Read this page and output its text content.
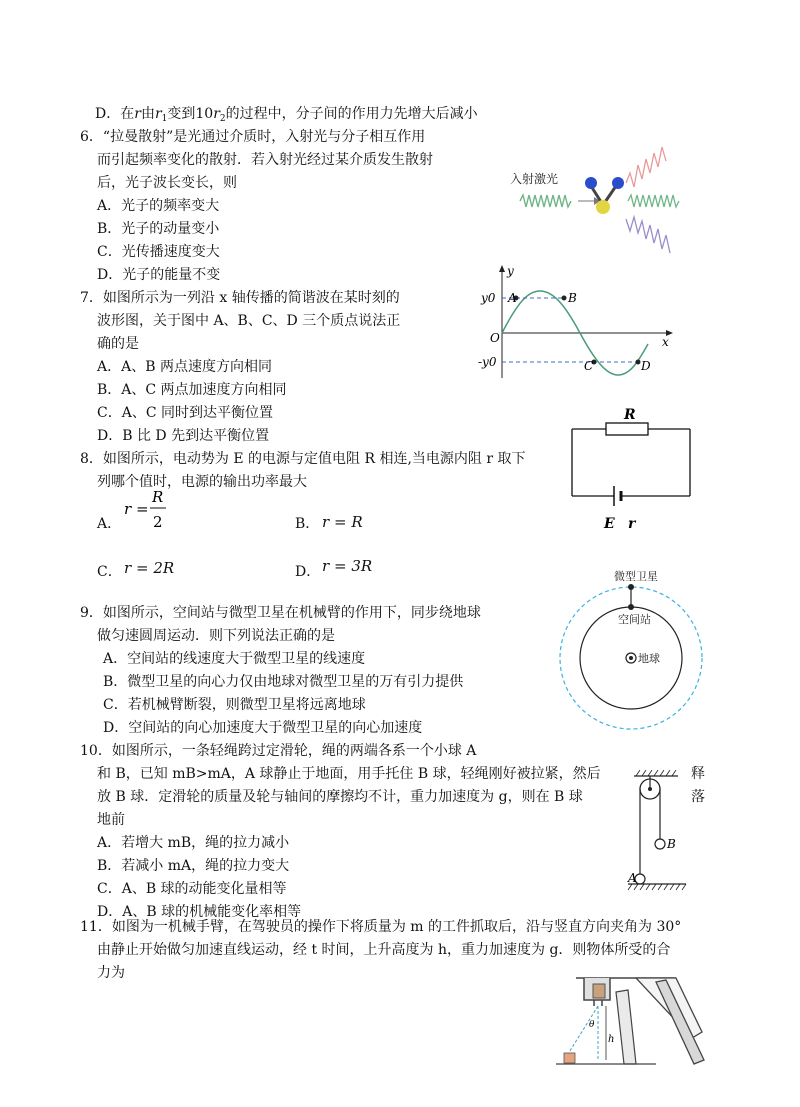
D．在r由$r_1$变到$10r_2$的过程中，分子间的作用力先增大后减小
6．“拉曼散射”是光通过介质时，入射光与分子相互作用
而引起频率变化的散射．若入射光经过某介质发生散射
后，光子波长变长，则
A．光子的频率变大
B．光子的动量变小
C．光传播速度变大
D．光子的能量不变
入射激光
7．如图所示为一列沿 x 轴传播的简谐波在某时刻的
波形图，关于图中 A、B、C、D 三个质点说法正
确的是
A．A、B 两点速度方向相同
B．A、C 两点加速度方向相同
C．A、C 同时到达平衡位置
D．B 比 D 先到达平衡位置
y
x
O
y0
-y0
A	B
C	D
8．如图所示，电动势为 E 的电源与定值电阻 R 相连,当电源内阻 r 取下
列哪个值时，电源的输出功率最大
A．
r =
R
2	B． r = R
C． r = 2R	D． r = 3R
R
E r
9．如图所示，空间站与微型卫星在机械臂的作用下，同步绕地球
做匀速圆周运动．则下列说法正确的是
A．空间站的线速度大于微型卫星的线速度
B．微型卫星的向心力仅由地球对微型卫星的万有引力提供
C．若机械臂断裂，则微型卫星将远离地球
D．空间站的向心加速度大于微型卫星的向心加速度
微型卫星
空间站
地球
10．如图所示，一条轻绳跨过定滑轮，绳的两端各系一个小球 A
和 B，已知 mB>mA，A 球静止于地面，用手托住 B 球，轻绳刚好被拉紧，然后	释
放 B 球．定滑轮的质量及轮与轴间的摩擦均不计，重力加速度为 g，则在 B 球	落
地前
A．若增大 mB，绳的拉力减小
B．若减小 mA，绳的拉力变大
C．A、B 球的动能变化量相等
D．A、B 球的机械能变化率相等
B
A
11．如图为一机械手臂，在驾驶员的操作下将质量为 m 的工件抓取后，沿与竖直方向夹角为 30°
由静止开始做匀加速直线运动，经 t 时间，上升高度为 h，重力加速度为 g．则物体所受的合
力为
θ
h
